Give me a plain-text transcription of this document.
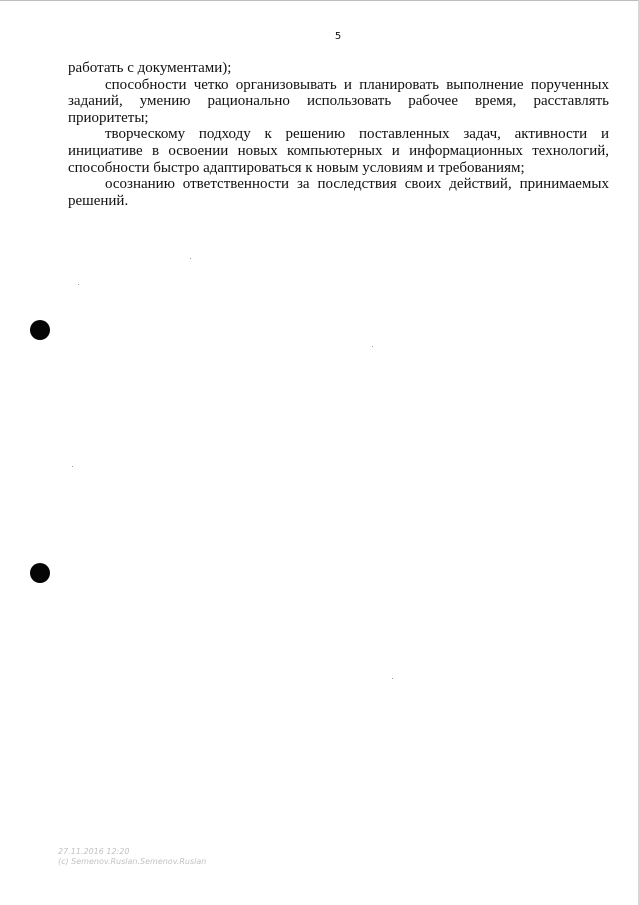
5

работать с документами);

способности четко организовывать и планировать выполнение порученных заданий, умению рационально использовать рабочее время, расставлять приоритеты;

творческому подходу к решению поставленных задач, активности и инициативе в освоении новых компьютерных и информационных технологий, способности быстро адаптироваться к новым условиям и требованиям;

осознанию ответственности за последствия своих действий, принимаемых решений.

27.11.2016 12:20
(c) Semenov.Ruslan.Semenov.Ruslan
